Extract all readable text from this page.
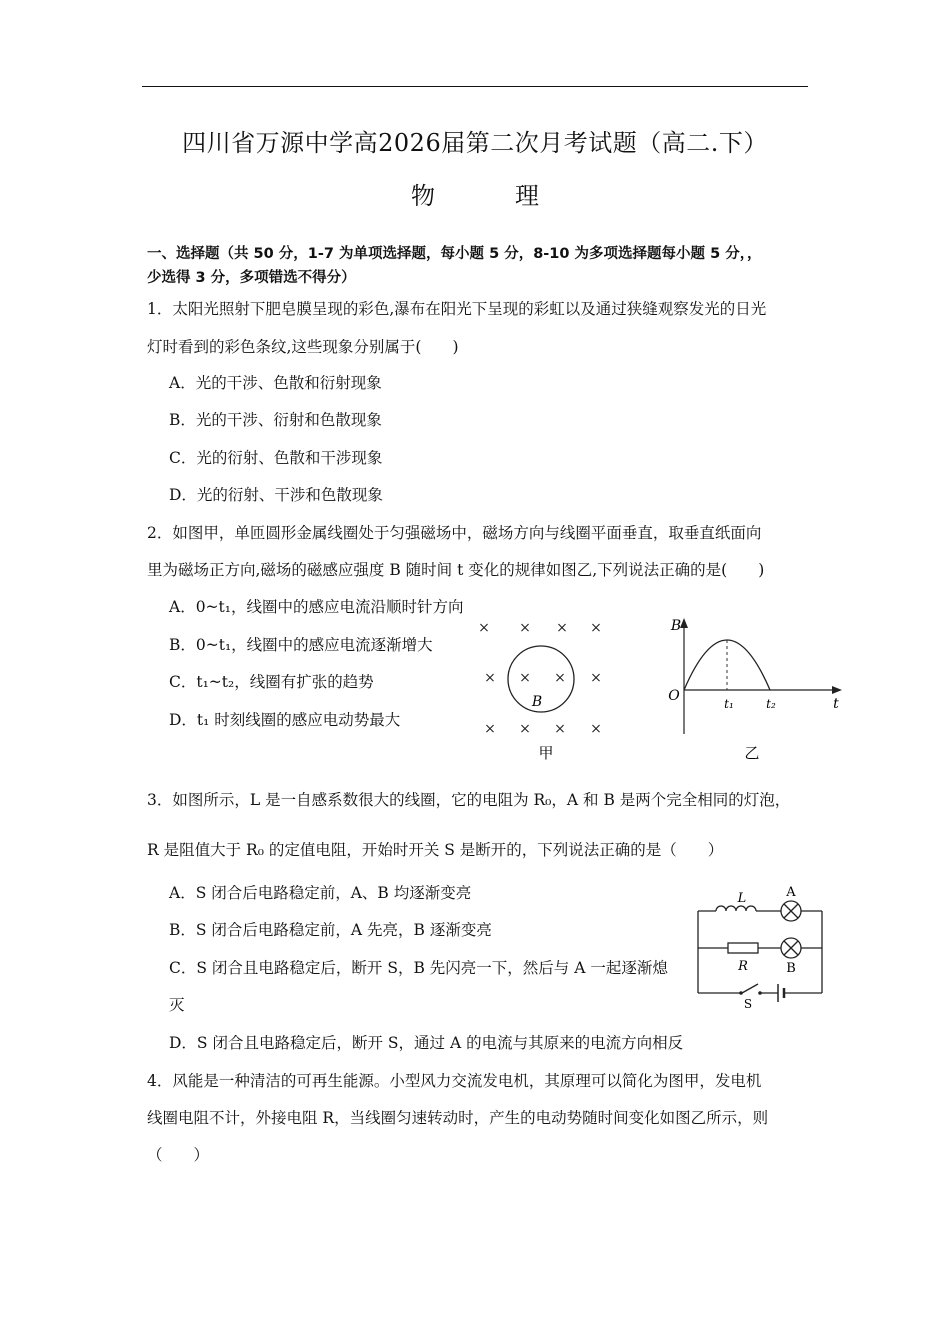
四川省万源中学高2026届第二次月考试题（高二.下）
物　理
一、选择题（共 50 分，1-7 为单项选择题，每小题 5 分，8-10 为多项选择题每小题 5 分，，
少选得 3 分，多项错选不得分）
1．太阳光照射下肥皂膜呈现的彩色,瀑布在阳光下呈现的彩虹以及通过狭缝观察发光的日光
灯时看到的彩色条纹,这些现象分别属于(　　)
A．光的干涉、色散和衍射现象
B．光的干涉、衍射和色散现象
C．光的衍射、色散和干涉现象
D．光的衍射、干涉和色散现象
2．如图甲，单匝圆形金属线圈处于匀强磁场中，磁场方向与线圈平面垂直，取垂直纸面向
里为磁场正方向,磁场的磁感应强度 B 随时间 t 变化的规律如图乙,下列说法正确的是(　　)
A．0~t₁，线圈中的感应电流沿顺时针方向
B．0~t₁，线圈中的感应电流逐渐增大
C．t₁~t₂，线圈有扩张的趋势
D．t₁ 时刻线圈的感应电动势最大
× × × ×
× × × ×
× × × ×
B
甲
B
t
O	t₁	t₂
乙
3．如图所示，L 是一自感系数很大的线圈，它的电阻为 R₀，A 和 B 是两个完全相同的灯泡，
R 是阻值大于 R₀ 的定值电阻，开始时开关 S 是断开的，下列说法正确的是（　　）
A．S 闭合后电路稳定前，A、B 均逐渐变亮
B．S 闭合后电路稳定前，A 先亮，B 逐渐变亮
C．S 闭合且电路稳定后，断开 S，B 先闪亮一下，然后与 A 一起逐渐熄
灭
D．S 闭合且电路稳定后，断开 S，通过 A 的电流与其原来的电流方向相反
L	A
R	B
S
4．风能是一种清洁的可再生能源。小型风力交流发电机，其原理可以简化为图甲，发电机
线圈电阻不计，外接电阻 R，当线圈匀速转动时，产生的电动势随时间变化如图乙所示，则
（　　）
